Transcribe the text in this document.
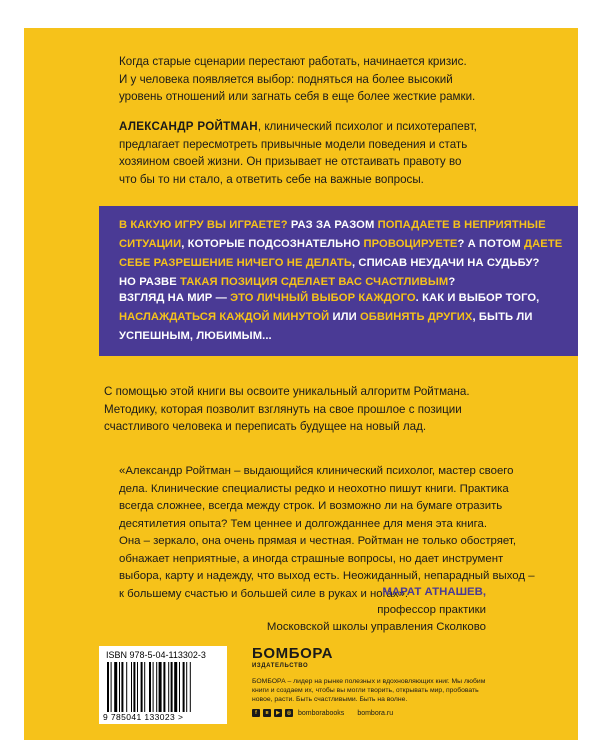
Когда старые сценарии перестают работать, начинается кризис.
И у человека появляется выбор: подняться на более высокий
уровень отношений или загнать себя в еще более жесткие рамки.
АЛЕКСАНДР РОЙТМАН, клинический психолог и психотерапевт,
предлагает пересмотреть привычные модели поведения и стать
хозяином своей жизни. Он призывает не отстаивать правоту во
что бы то ни стало, а ответить себе на важные вопросы.
В КАКУЮ ИГРУ ВЫ ИГРАЕТЕ? РАЗ ЗА РАЗОМ ПОПАДАЕТЕ В НЕПРИЯТНЫЕ
СИТУАЦИИ, КОТОРЫЕ ПОДСОЗНАТЕЛЬНО ПРОВОЦИРУЕТЕ? А ПОТОМ ДАЕТЕ
СЕБЕ РАЗРЕШЕНИЕ НИЧЕГО НЕ ДЕЛАТЬ, СПИСАВ НЕУДАЧИ НА СУДЬБУ?
НО РАЗВЕ ТАКАЯ ПОЗИЦИЯ СДЕЛАЕТ ВАС СЧАСТЛИВЫМ?
ВЗГЛЯД НА МИР — ЭТО ЛИЧНЫЙ ВЫБОР КАЖДОГО. КАК И ВЫБОР ТОГО,
НАСЛАЖДАТЬСЯ КАЖДОЙ МИНУТОЙ ИЛИ ОБВИНЯТЬ ДРУГИХ, БЫТЬ ЛИ
УСПЕШНЫМ, ЛЮБИМЫМ...
С помощью этой книги вы освоите уникальный алгоритм Ройтмана.
Методику, которая позволит взглянуть на свое прошлое с позиции
счастливого человека и переписать будущее на новый лад.
«Александр Ройтман – выдающийся клинический психолог, мастер своего
дела. Клинические специалисты редко и неохотно пишут книги. Практика
всегда сложнее, всегда между строк. И возможно ли на бумаге отразить
десятилетия опыта? Тем ценнее и долгожданнее для меня эта книга.
Она – зеркало, она очень прямая и честная. Ройтман не только обостряет,
обнажает неприятные, а иногда страшные вопросы, но дает инструмент
выбора, карту и надежду, что выход есть. Неожиданный, непарадный выход –
к большему счастью и большей силе в руках и ногах».
МАРАТ АТНАШЕВ,
профессор практики
Московской школы управления Сколково
ISBN 978-5-04-113302-3
9 785041 133023 >
БОМБОРА
ИЗДАТЕЛЬСТВО
БОМБОРА – лидер на рынке полезных и вдохновляющих книг. Мы любим книги и создаем их, чтобы вы могли творить, открывать мир, пробовать новое, расти. Быть счастливыми. Быть на волне.
f	в	▶	◎ bomborabooks bombora.ru
